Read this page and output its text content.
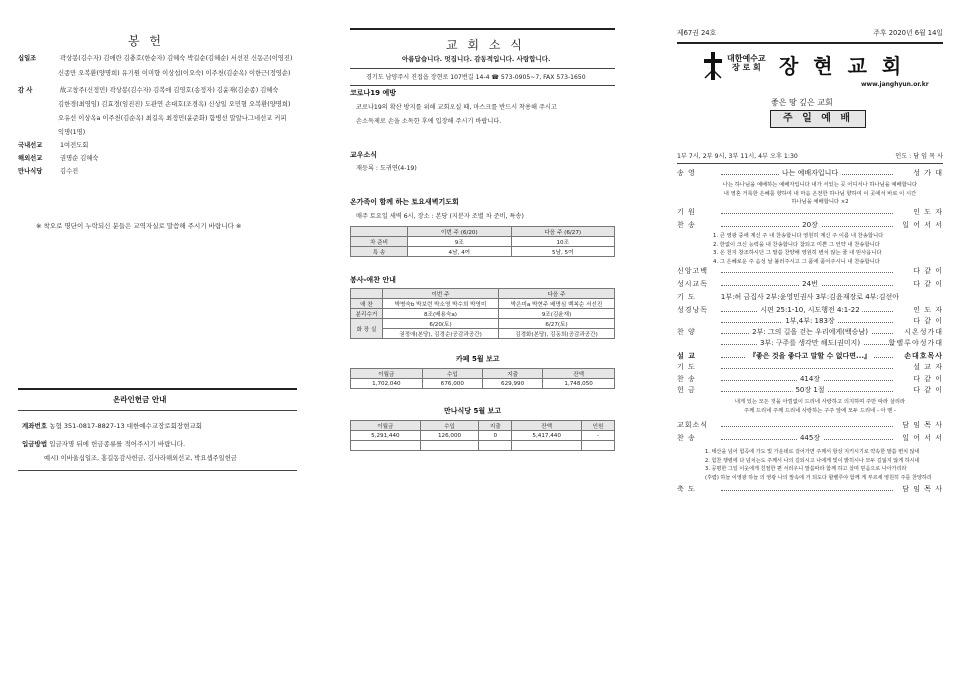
봉 헌
십일조	곽상봉(김수자) 김애란 김충호(한순자) 김혜숙 박길순(김혜순) 서선진 신동곤(이영진)
신종만 오복환(양명희) 유기원 이미향 이상섭(이오숙) 이주천(김순옥) 이한근(정영순)
감 사	故고창주(신정민) 곽상봉(김수자) 김복애 김영호(송정자) 김윤재(김순종) 김혜숙
김한경(최영임) 김효경(임진진) 도관연 손대호(조경옥) 신상일 오민형 오복환(양명희)
오유선 이상옥a 이주천(김순옥) 최길옥 최정민(윤준화) 함병선 말알나그네선교 커피
익명(1명)
국내선교	1여전도회
해외선교	권명순 김혜숙
만나식당	김수진
※ 착오로 명단이 누락되신 분들은 교역자실로 말씀해 주시기 바랍니다 ※
온라인헌금 안내
계좌번호 농협 351-0817-8827-13 대한예수교장로회장현교회
입금방법 입금자명 뒤에 헌금종류를 적어주시기 바랍니다.
예시) 이바울십일조, 홍길동감사헌금, 김사라해외선교, 박요셉주일헌금
교 회 소 식
아름답습니다. 멋집니다. 감동적입니다. 사랑합니다.
경기도 남양주시 진접읍 장현로 107번길 14-4 ☎ 573-0905~7, FAX 573-1650
코로나19 예방
코로나19의 확산 방지를 위해 교회오실 때, 마스크를 반드시 착용해 주시고
손소독제로 손을 소독한 후에 입장해 주시기 바랍니다.
교우소식
재등록 : 도귀연(4-19)
온가족이 함께 하는 토요새벽기도회
매주 토요일 새벽 6시, 장소 : 본당 (지분자 조별 차 준비, 특송)
	이번 주 (6/20)	다음 주 (6/27)
차 준비	9조	10조
특 송	4남, 4여	5남, 5여
봉사-애찬 안내
	이번 주	다음 주
애 찬	박병숙b 박보련 박소영 박수희 박영미	박은미a 박현주 배명심 백복순 서선진
분리수거	8조(배용숙a)	9조(김윤재)
화 장 실	6/20(토)	6/27(토)
	권정애(본당), 김경순(공감과공간)	김경화(본당), 김동희(공감과공간)
카페 5월 보고
이월금	수입	지출	잔액
1,702,040	676,000	629,990	1,748,050
만나식당 5월 보고
이월금	수입	지출	잔액	인원
5,291,440	126,000	0	5,417,440	-

제67권 24호	주후 2020년 6월 14일
대한예수교
장 로 회 장 현 교 회
www.janghyun.or.kr
좋은 땅 깊은 교회
주 일 예 배
1부 7시, 2부 9시, 3부 11시, 4부 오후 1:30	인도 : 담 임 목 사
송 영	나는 예배자입니다	성 가 대
기 원	인 도 자
찬 송	20장	일 어 서 서
신앙고백	다 같 이
성시교독	24번	다 같 이
기 도	1부:허 금집사 2부:윤영민권사 3부:김윤재장로 4부:김선아
성경낭독	시편 25:1-10, 시도행전 4:1-22	인 도 자
1부,4부: 183장	다 같 이
찬 양	2부: 그의 길을 걷는 우리에게(백승남)	시온성가대
3부: 구주를 생각만 해도(권미지)	할렐루야성가대
설 교	『좋은 것을 좋다고 말할 수 없다면...』	손대호목사
기 도	설 교 자
찬 송	414장	다 같 이
헌 금	50장 1절	다 같 이
교회소식	담 임 목 사
찬 송	445장	일 어 서 서
축 도	담 임 목 사
나는 하나님을 예배하는 예배자입니다 내가 서있는 곳 어디서나 하나님을 예배합니다
내 영혼 거룩한 은혜를 향하여 내 마음 온전한 하나님 향하여 이 곳에서 바로 이 시간
하나님을 예배합니다 ×2
1. 큰 영광 중에 계신 주 내 찬송합니다 영원히 계신 주 이름 내 찬송합니다
2. 한없이 크신 능력을 내 찬송합니다 참되고 미쁜 그 언약 내 찬송합니다
3. 온 천지 창조하시던 그 말씀 찬양해 영원히 변치 않는 줄 내 믿사옵니다
4. 그 은혜로운 주 음성 날 불러주시고 그 품에 품어주시니 내 찬송합니다
내게 있는 모든 것을 아낌없이 드리네 사랑하고 의지하며 주만 따라 살리라
주께 드리네 주께 드리네 사랑하는 구주 앞에 모두 드리네 - 아 멘 -
1. 태산을 넘어 험곡에 가도 빛 가운데로 걸어가면 주께서 항상 지키시기로 약속한 말씀 변치 않네
2. 힘찬 행렬에 다 넘치는도 주께서 나의 길되시고 나에게 빛이 밝히시나 모두 길잃지 않게 하시네
3. 공평한 그일 이웃에게 친절한 편 서러우니 말씀따라 함께 하고 살며 믿음으로 나아가리라
(후렴) 하늘 이영광 하늘 의 영광 나의 맘속에 거 되도다 할렐루야 함께 게 부르세 영원히 주를 찬양하리
